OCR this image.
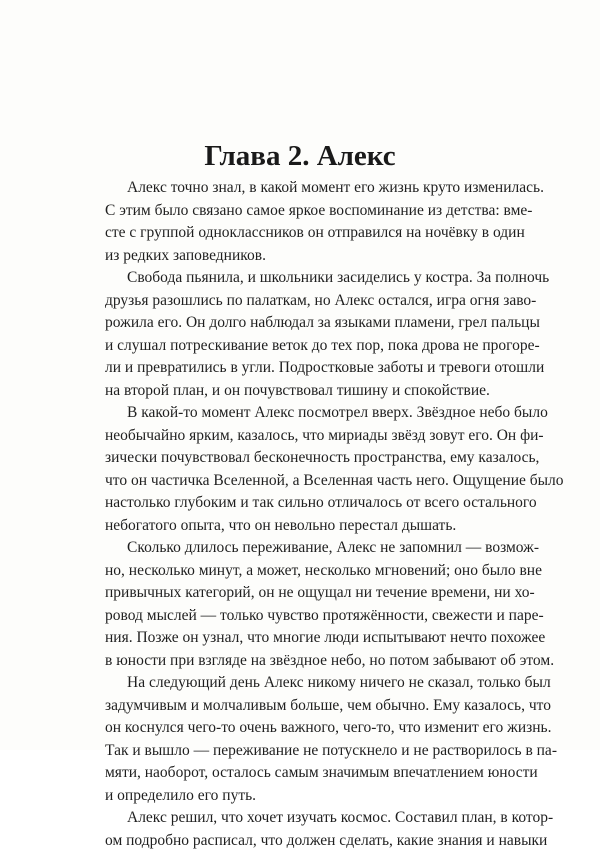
Глава 2. Алекс

Алекс точно знал, в какой момент его жизнь круто изменилась.
С этим было связано самое яркое воспоминание из детства: вме-
сте с группой одноклассников он отправился на ночёвку в один
из редких заповедников.

Свобода пьянила, и школьники засиделись у костра. За полночь
друзья разошлись по палаткам, но Алекс остался, игра огня заво-
рожила его. Он долго наблюдал за языками пламени, грел пальцы
и слушал потрескивание веток до тех пор, пока дрова не прогоре-
ли и превратились в угли. Подростковые заботы и тревоги отошли
на второй план, и он почувствовал тишину и спокойствие.

В какой-то момент Алекс посмотрел вверх. Звёздное небо было
необычайно ярким, казалось, что мириады звёзд зовут его. Он фи-
зически почувствовал бесконечность пространства, ему казалось,
что он частичка Вселенной, а Вселенная часть него. Ощущение было
настолько глубоким и так сильно отличалось от всего остального
небогатого опыта, что он невольно перестал дышать.

Сколько длилось переживание, Алекс не запомнил — возмож-
но, несколько минут, а может, несколько мгновений; оно было вне
привычных категорий, он не ощущал ни течение времени, ни хо-
ровод мыслей — только чувство протяжённости, свежести и паре-
ния. Позже он узнал, что многие люди испытывают нечто похожее
в юности при взгляде на звёздное небо, но потом забывают об этом.

На следующий день Алекс никому ничего не сказал, только был
задумчивым и молчаливым больше, чем обычно. Ему казалось, что
он коснулся чего-то очень важного, чего-то, что изменит его жизнь.
Так и вышло — переживание не потускнело и не растворилось в па-
мяти, наоборот, осталось самым значимым впечатлением юности
и определило его путь.

Алекс решил, что хочет изучать космос. Составил план, в котор-
ом подробно расписал, что должен сделать, какие знания и навыки
